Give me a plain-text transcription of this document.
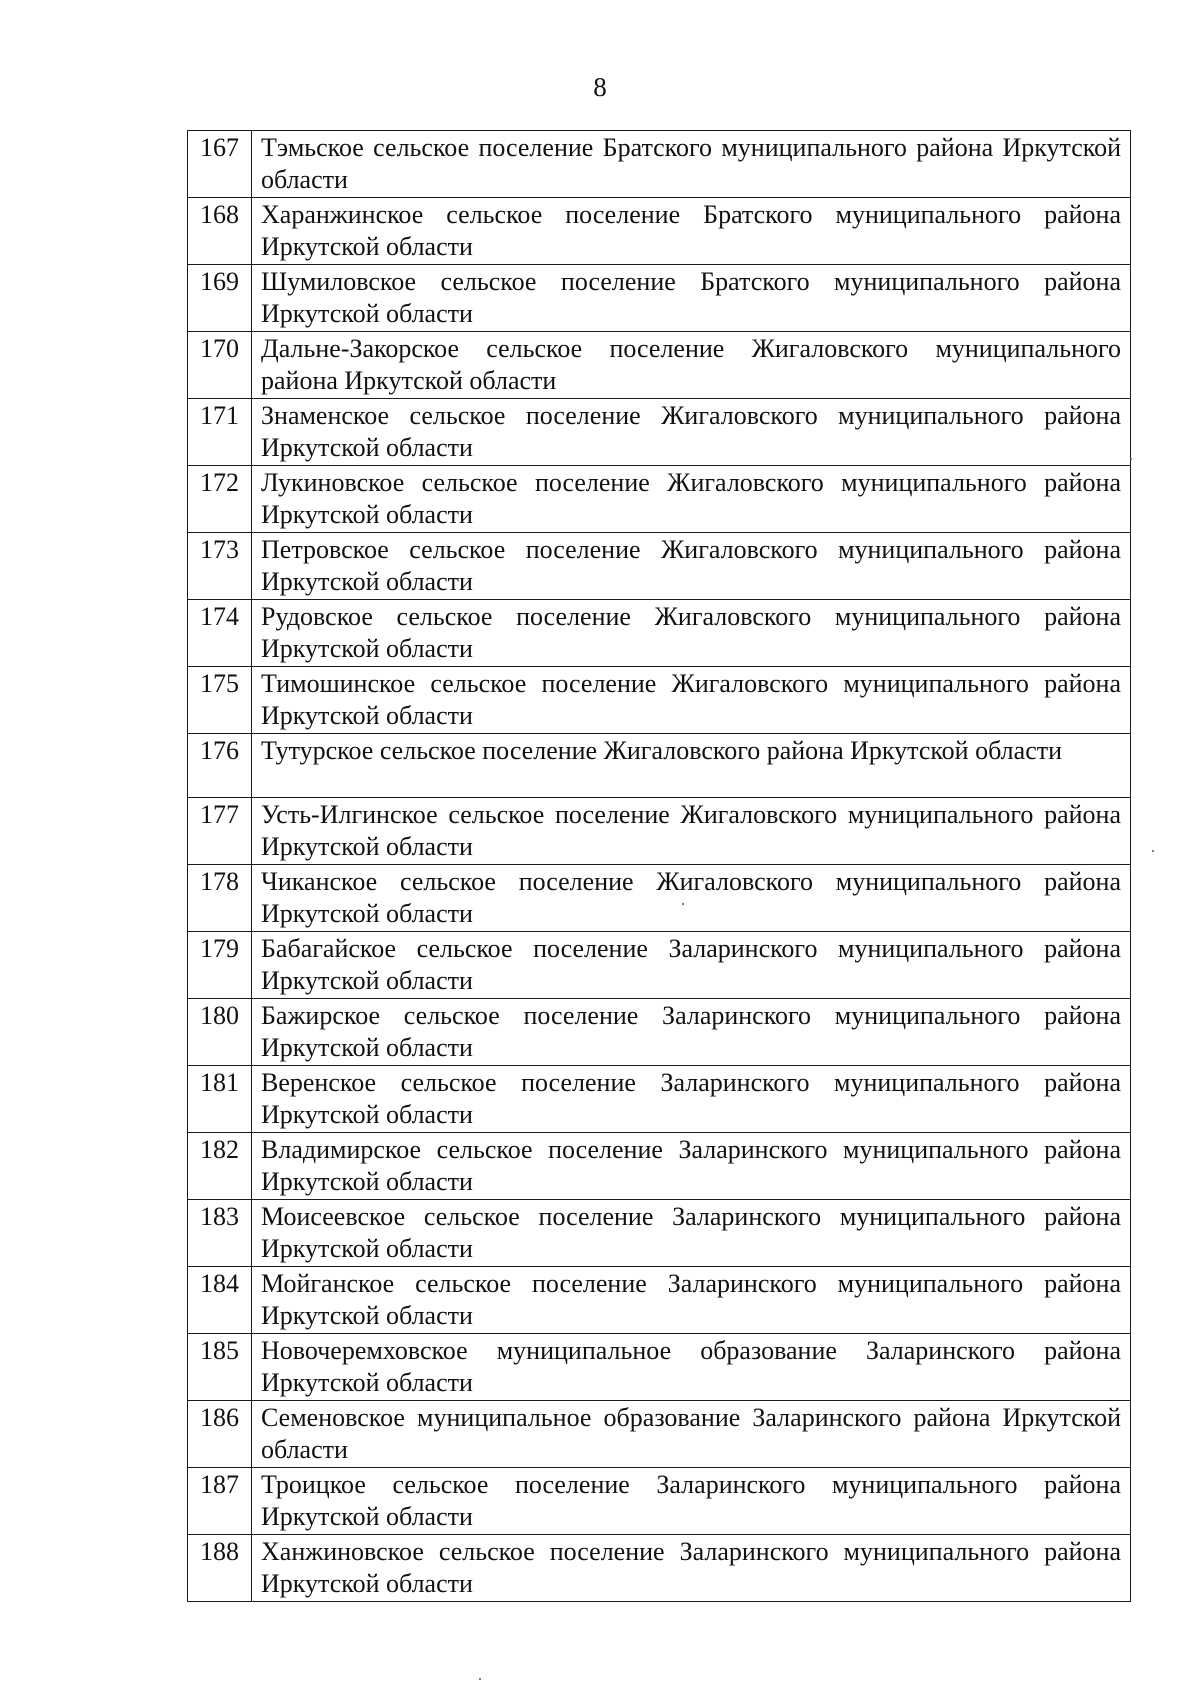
8
167	Тэмьское сельское поселение Братского муниципального района Иркутской области
168	Харанжинское сельское поселение Братского муниципального района Иркутской области
169	Шумиловское сельское поселение Братского муниципального района Иркутской области
170	Дальне-Закорское сельское поселение Жигаловского муниципального района Иркутской области
171	Знаменское сельское поселение Жигаловского муниципального района Иркутской области
172	Лукиновское сельское поселение Жигаловского муниципального района Иркутской области
173	Петровское сельское поселение Жигаловского муниципального района Иркутской области
174	Рудовское сельское поселение Жигаловского муниципального района Иркутской области
175	Тимошинское сельское поселение Жигаловского муниципального района Иркутской области
176	Тутурское сельское поселение Жигаловского района Иркутской области
177	Усть-Илгинское сельское поселение Жигаловского муниципального района Иркутской области
178	Чиканское сельское поселение Жигаловского муниципального района Иркутской области
179	Бабагайское сельское поселение Заларинского муниципального района Иркутской области
180	Бажирское сельское поселение Заларинского муниципального района Иркутской области
181	Веренское сельское поселение Заларинского муниципального района Иркутской области
182	Владимирское сельское поселение Заларинского муниципального района Иркутской области
183	Моисеевское сельское поселение Заларинского муниципального района Иркутской области
184	Мойганское сельское поселение Заларинского муниципального района Иркутской области
185	Новочеремховское муниципальное образование Заларинского района Иркутской области
186	Семеновское муниципальное образование Заларинского района Иркутской области
187	Троицкое сельское поселение Заларинского муниципального района Иркутской области
188	Ханжиновское сельское поселение Заларинского муниципального района Иркутской области
